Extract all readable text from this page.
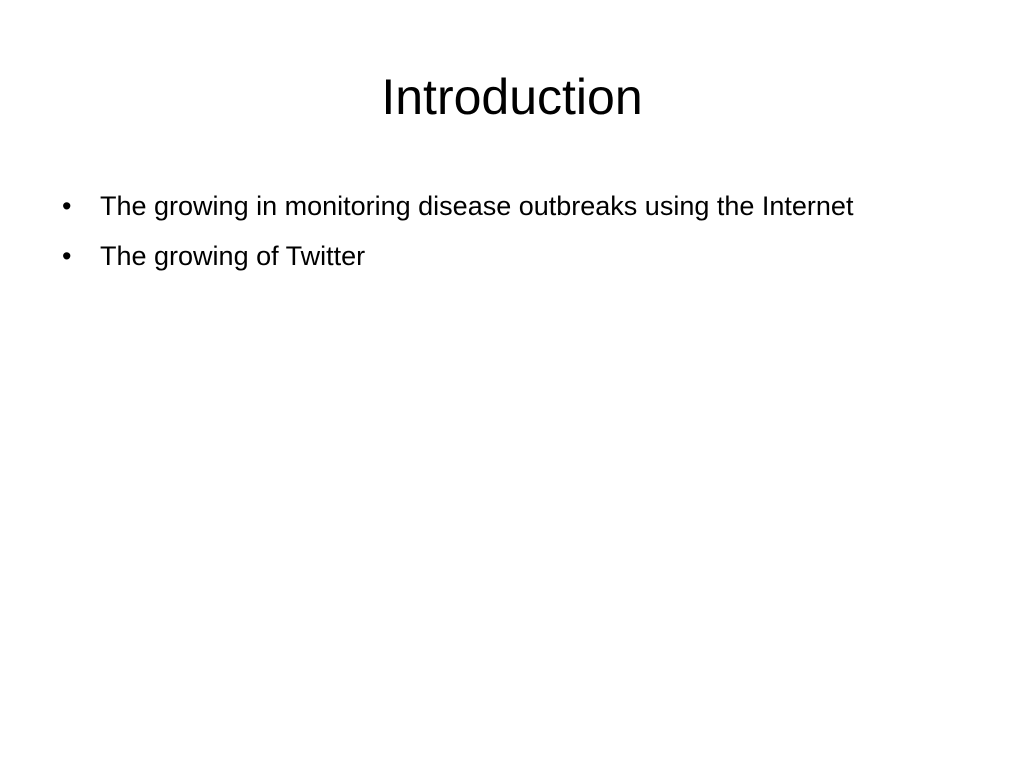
Introduction
•	The growing in monitoring disease outbreaks using the Internet
•	The growing of Twitter
